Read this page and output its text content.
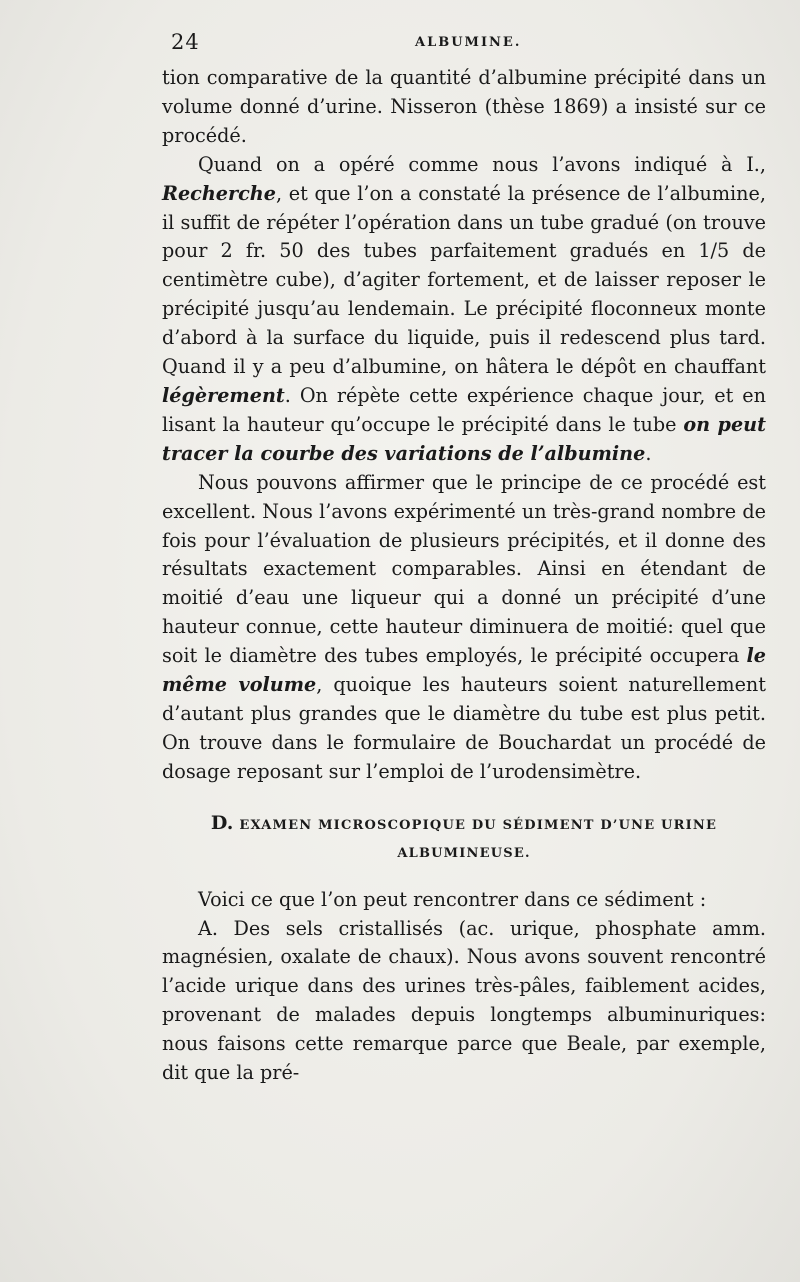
24	ALBUMINE.

tion comparative de la quantité d’albumine précipité dans un volume donné d’urine. Nisseron (thèse 1869) a insisté sur ce procédé.

Quand on a opéré comme nous l’avons indiqué à I., Recherche, et que l’on a constaté la présence de l’albumine, il suffit de répéter l’opération dans un tube gradué (on trouve pour 2 fr. 50 des tubes parfaitement gradués en 1/5 de centimètre cube), d’agiter fortement, et de laisser reposer le précipité jusqu’au lendemain. Le précipité floconneux monte d’abord à la surface du liquide, puis il redescend plus tard. Quand il y a peu d’albumine, on hâtera le dépôt en chauffant légèrement. On répète cette expérience chaque jour, et en lisant la hauteur qu’occupe le précipité dans le tube on peut tracer la courbe des variations de l’albumine.

Nous pouvons affirmer que le principe de ce procédé est excellent. Nous l’avons expérimenté un très-grand nombre de fois pour l’évaluation de plusieurs précipités, et il donne des résultats exactement comparables. Ainsi en étendant de moitié d’eau une liqueur qui a donné un précipité d’une hauteur connue, cette hauteur diminuera de moitié: quel que soit le diamètre des tubes employés, le précipité occupera le même volume, quoique les hauteurs soient naturellement d’autant plus grandes que le diamètre du tube est plus petit. On trouve dans le formulaire de Bouchardat un procédé de dosage reposant sur l’emploi de l’urodensimètre.

D. EXAMEN MICROSCOPIQUE DU SÉDIMENT D’UNE URINE
ALBUMINEUSE.

Voici ce que l’on peut rencontrer dans ce sédiment :

A. Des sels cristallisés (ac. urique, phosphate amm. magnésien, oxalate de chaux). Nous avons souvent rencontré l’acide urique dans des urines très-pâles, faiblement acides, provenant de malades depuis longtemps albuminuriques: nous faisons cette remarque parce que Beale, par exemple, dit que la pré-
